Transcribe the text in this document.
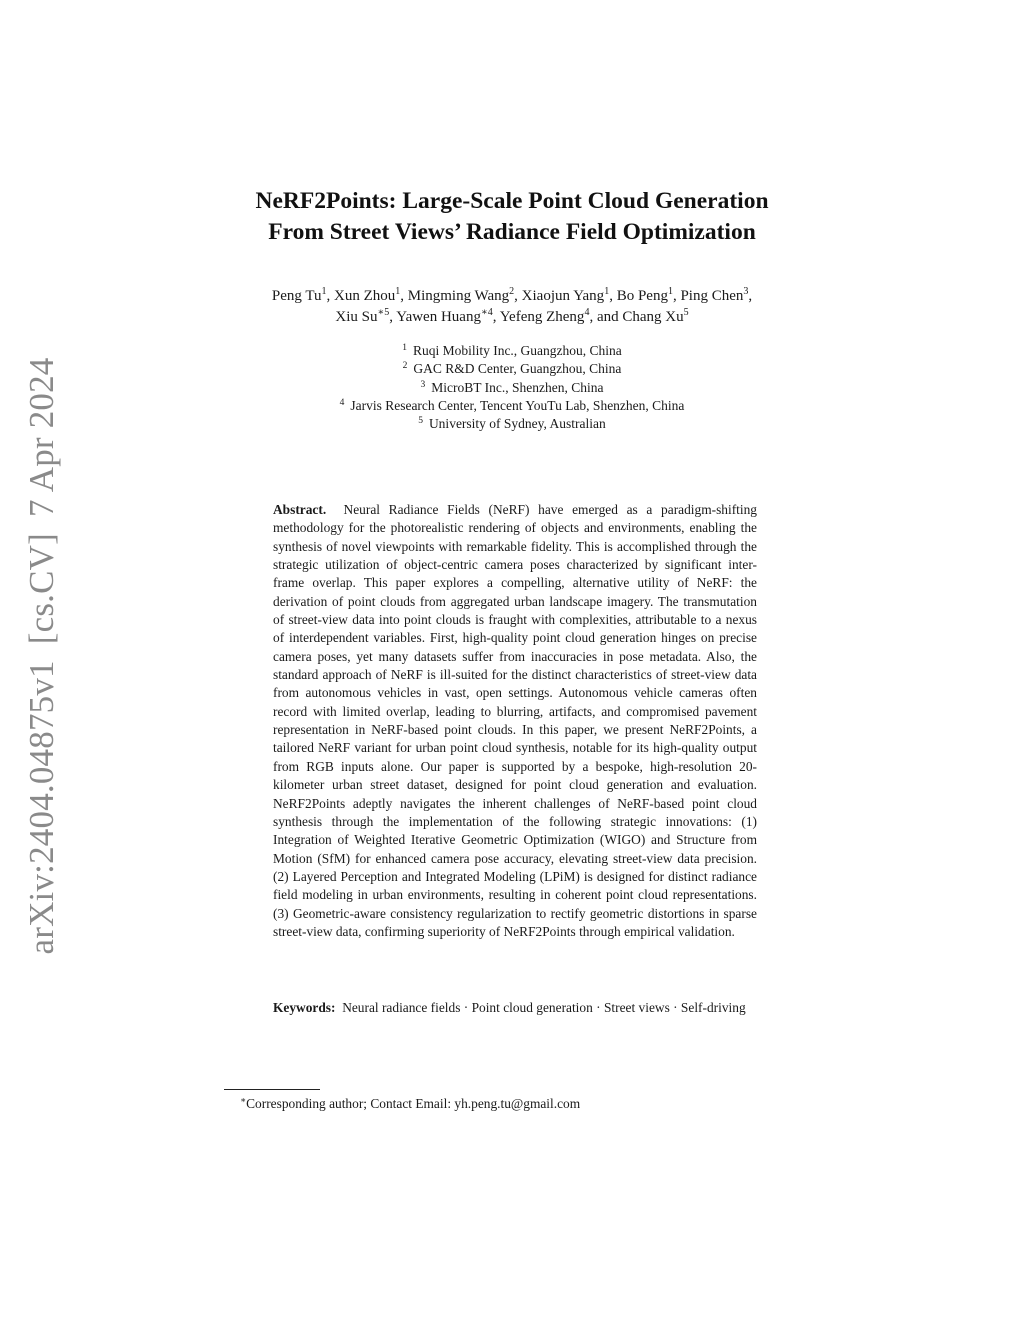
arXiv:2404.04875v1[cs.CV]7 Apr 2024
NeRF2Points: Large-Scale Point Cloud Generation
From Street Views’ Radiance Field Optimization
Peng Tu$^1$, Xun Zhou$^1$, Mingming Wang$^2$, Xiaojun Yang$^1$, Bo Peng$^1$, Ping Chen$^3$,
Xiu $Su^{∗5}$, Yawen Huang$^{∗4}$, Yefeng Zheng$^4$, and Chang Xu$^5$
$^1$ Ruqi Mobility Inc., Guangzhou, China
$^2$ GAC R&D Center, Guangzhou, China
$^3$ MicroBT Inc., Shenzhen, China
$^4$ Jarvis Research Center, Tencent YouTu Lab, Shenzhen, China
$^5$ University of Sydney, Australian
Abstract. Neural Radiance Fields (NeRF) have emerged as a paradigm-shifting methodology for the photorealistic rendering of objects and environments, enabling the synthesis of novel viewpoints with remarkable fidelity. This is accomplished through the strategic utilization of object-centric camera poses characterized by significant inter-frame overlap. This paper explores a compelling, alternative utility of NeRF: the derivation of point clouds from aggregated urban landscape imagery. The transmutation of street-view data into point clouds is fraught with complexities, attributable to a nexus of interdependent variables. First, high-quality point cloud generation hinges on precise camera poses, yet many datasets suffer from inaccuracies in pose metadata. Also, the standard approach of NeRF is ill-suited for the distinct characteristics of street-view data from autonomous vehicles in vast, open settings. Autonomous vehicle cameras often record with limited overlap, leading to blurring, artifacts, and compromised pavement representation in NeRF-based point clouds. In this paper, we present NeRF2Points, a tailored NeRF variant for urban point cloud synthesis, notable for its high-quality output from RGB inputs alone. Our paper is supported by a bespoke, high-resolution 20-kilometer urban street dataset, designed for point cloud generation and evaluation. NeRF2Points adeptly navigates the inherent challenges of NeRF-based point cloud synthesis through the implementation of the following strategic innovations: (1) Integration of Weighted Iterative Geometric Optimization (WIGO) and Structure from Motion (SfM) for enhanced camera pose accuracy, elevating street-view data precision. (2) Layered Perception and Integrated Modeling (LPiM) is designed for distinct radiance field modeling in urban environments, resulting in coherent point cloud representations. (3) Geometric-aware consistency regularization to rectify geometric distortions in sparse street-view data, confirming superiority of NeRF2Points through empirical validation.
Keywords: Neural radiance fields · Point cloud generation · Street views · Self-driving
∗Corresponding author; Contact Email: yh.peng.tu@gmail.com
